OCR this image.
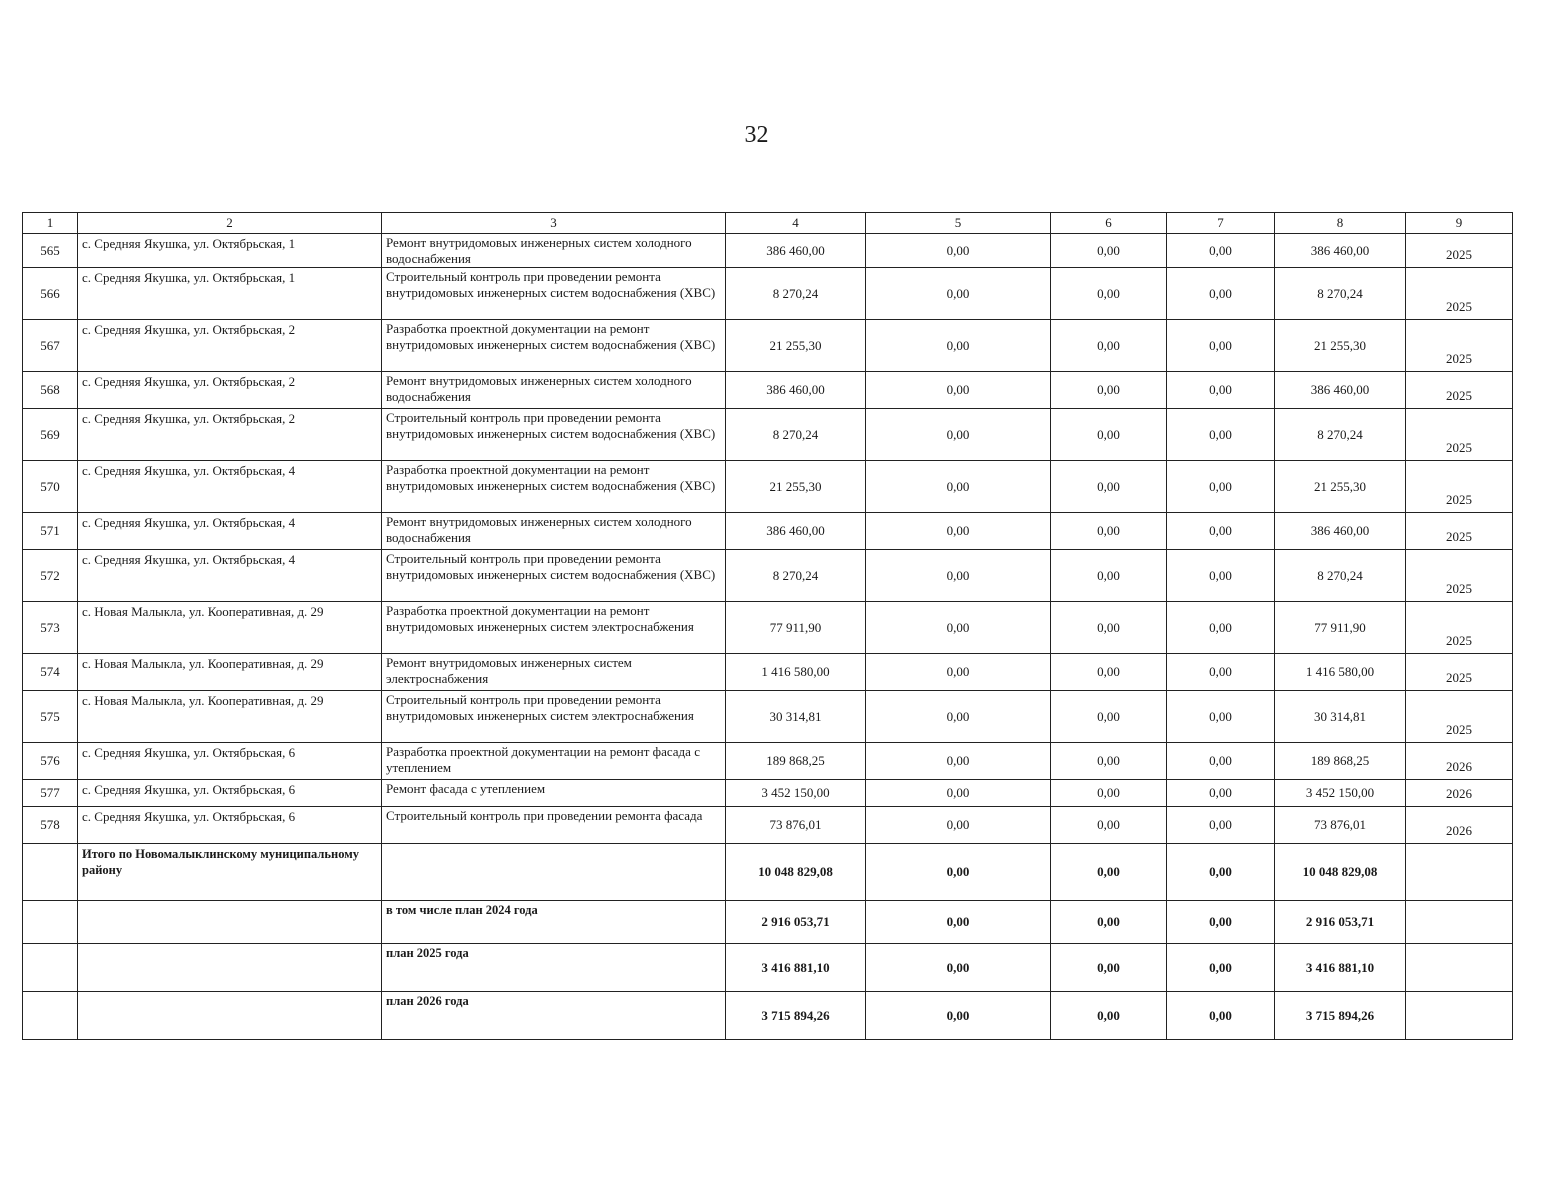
32
1	2	3	4	5	6	7	8	9
565	с. Средняя Якушка, ул. Октябрьская, 1	Ремонт внутридомовых инженерных систем холодного водоснабжения	386 460,00	0,00	0,00	0,00	386 460,00	2025
566	с. Средняя Якушка, ул. Октябрьская, 1	Строительный контроль при проведении ремонта внутридомовых инженерных систем водоснабжения (ХВС)	8 270,24	0,00	0,00	0,00	8 270,24	2025
567	с. Средняя Якушка, ул. Октябрьская, 2	Разработка проектной документации на ремонт внутридомовых инженерных систем водоснабжения (ХВС)	21 255,30	0,00	0,00	0,00	21 255,30	2025
568	с. Средняя Якушка, ул. Октябрьская, 2	Ремонт внутридомовых инженерных систем холодного водоснабжения	386 460,00	0,00	0,00	0,00	386 460,00	2025
569	с. Средняя Якушка, ул. Октябрьская, 2	Строительный контроль при проведении ремонта внутридомовых инженерных систем водоснабжения (ХВС)	8 270,24	0,00	0,00	0,00	8 270,24	2025
570	с. Средняя Якушка, ул. Октябрьская, 4	Разработка проектной документации на ремонт внутридомовых инженерных систем водоснабжения (ХВС)	21 255,30	0,00	0,00	0,00	21 255,30	2025
571	с. Средняя Якушка, ул. Октябрьская, 4	Ремонт внутридомовых инженерных систем холодного водоснабжения	386 460,00	0,00	0,00	0,00	386 460,00	2025
572	с. Средняя Якушка, ул. Октябрьская, 4	Строительный контроль при проведении ремонта внутридомовых инженерных систем водоснабжения (ХВС)	8 270,24	0,00	0,00	0,00	8 270,24	2025
573	с. Новая Малыкла, ул. Кооперативная, д. 29	Разработка проектной документации на ремонт внутридомовых инженерных систем электроснабжения	77 911,90	0,00	0,00	0,00	77 911,90	2025
574	с. Новая Малыкла, ул. Кооперативная, д. 29	Ремонт внутридомовых инженерных систем электроснабжения	1 416 580,00	0,00	0,00	0,00	1 416 580,00	2025
575	с. Новая Малыкла, ул. Кооперативная, д. 29	Строительный контроль при проведении ремонта внутридомовых инженерных систем электроснабжения	30 314,81	0,00	0,00	0,00	30 314,81	2025
576	с. Средняя Якушка, ул. Октябрьская, 6	Разработка проектной документации на ремонт фасада с утеплением	189 868,25	0,00	0,00	0,00	189 868,25	2026
577	с. Средняя Якушка, ул. Октябрьская, 6	Ремонт фасада с утеплением	3 452 150,00	0,00	0,00	0,00	3 452 150,00	2026
578	с. Средняя Якушка, ул. Октябрьская, 6	Строительный контроль при проведении ремонта фасада	73 876,01	0,00	0,00	0,00	73 876,01	2026
	Итого по Новомалыклинскому муниципальному району		10 048 829,08	0,00	0,00	0,00	10 048 829,08	
		в том числе план 2024 года	2 916 053,71	0,00	0,00	0,00	2 916 053,71	
		план 2025 года	3 416 881,10	0,00	0,00	0,00	3 416 881,10	
		план 2026 года	3 715 894,26	0,00	0,00	0,00	3 715 894,26	
